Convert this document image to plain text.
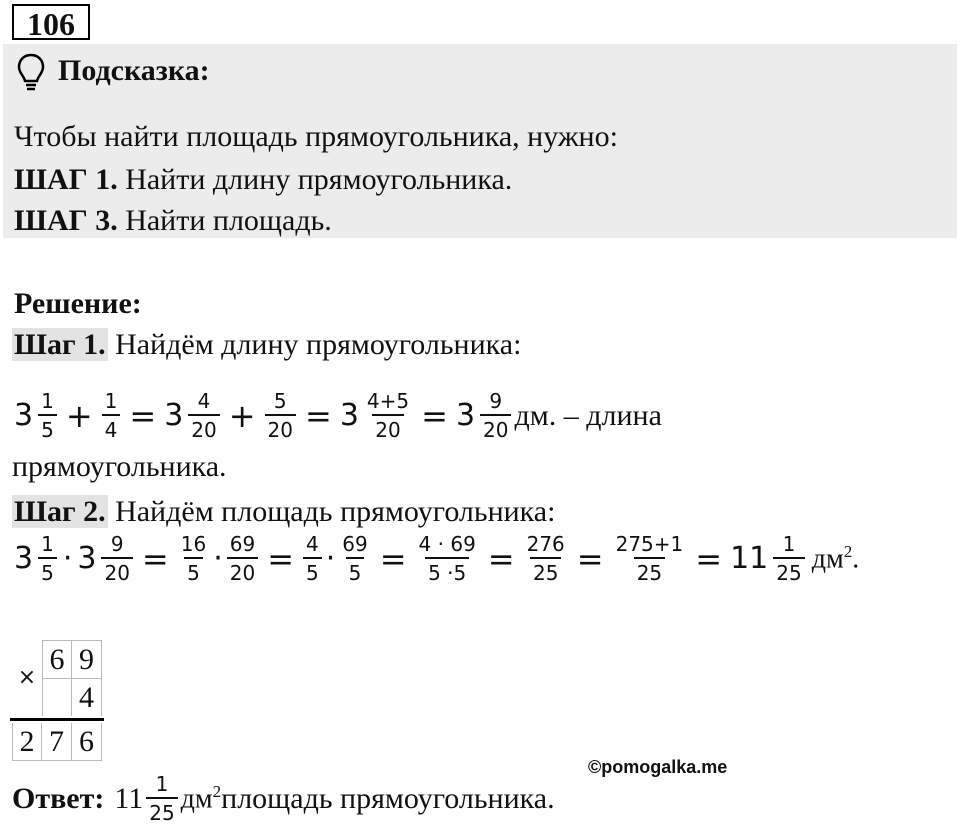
106
Подсказка:
Чтобы найти площадь прямоугольника, нужно:
ШАГ 1. Найти длину прямоугольника.
ШАГ 3. Найти площадь.
Решение:
Шаг 1. Найдём длину прямоугольника:
$3 \frac{1}{5} + \frac{1}{4} = 3 \frac{4}{20} + \frac{5}{20} = 3 \frac{4+5}{20} = 3 \frac{9}{20}$ дм. – длина
прямоугольника.
Шаг 2. Найдём площадь прямоугольника:
$3 \frac{1}{5} \cdot 3 \frac{9}{20} = \frac{16}{5} \cdot \frac{69}{20} = \frac{4}{5} \cdot \frac{69}{5} = \frac{4 \cdot 69}{5 \cdot 5} = \frac{276}{25} = \frac{275+1}{25} = 11 \frac{1}{25} дм^2$.
×
6 9
4
2 7 6
©pomogalka.me
Ответ: $11 \frac{1}{25} дм^2$ площадь прямоугольника.
